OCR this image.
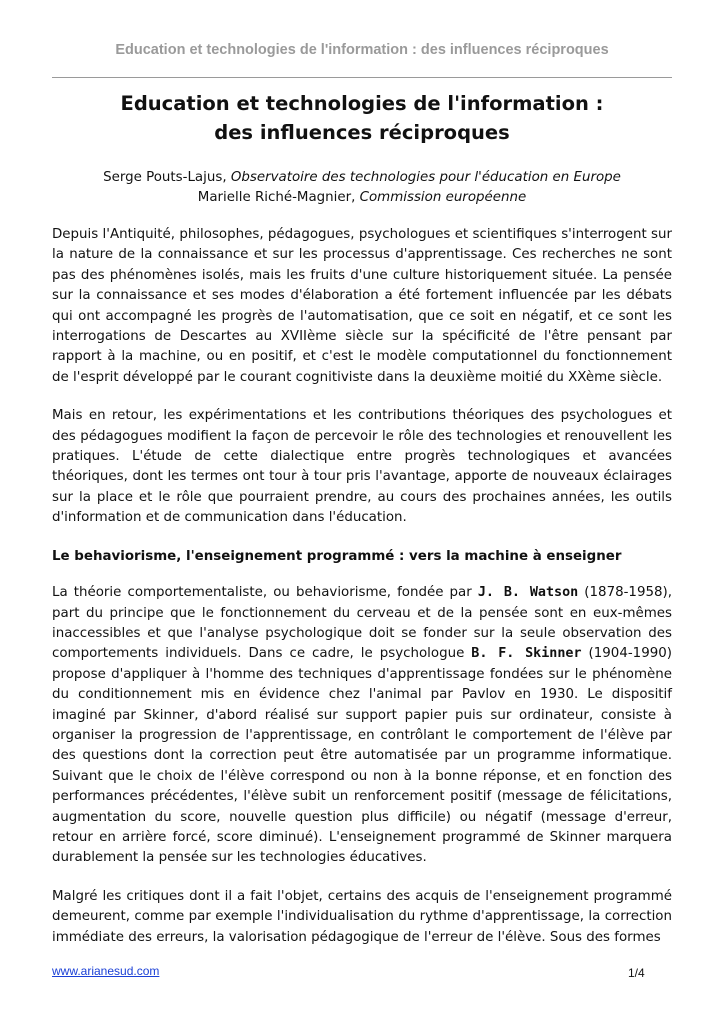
Education et technologies de l'information : des influences réciproques
Education et technologies de l'information :
des influences réciproques
Serge Pouts-Lajus, Observatoire des technologies pour l'éducation en Europe
Marielle Riché-Magnier, Commission européenne

Depuis l'Antiquité, philosophes, pédagogues, psychologues et scientifiques s'interrogent sur la nature de la connaissance et sur les processus d'apprentissage. Ces recherches ne sont pas des phénomènes isolés, mais les fruits d'une culture historiquement située. La pensée sur la connaissance et ses modes d'élaboration a été fortement influencée par les débats qui ont accompagné les progrès de l'automatisation, que ce soit en négatif, et ce sont les interrogations de Descartes au XVIIème siècle sur la spécificité de l'être pensant par rapport à la machine, ou en positif, et c'est le modèle computationnel du fonctionnement de l'esprit développé par le courant cognitiviste dans la deuxième moitié du XXème siècle.

Mais en retour, les expérimentations et les contributions théoriques des psychologues et des pédagogues modifient la façon de percevoir le rôle des technologies et renouvellent les pratiques. L'étude de cette dialectique entre progrès technologiques et avancées théoriques, dont les termes ont tour à tour pris l'avantage, apporte de nouveaux éclairages sur la place et le rôle que pourraient prendre, au cours des prochaines années, les outils d'information et de communication dans l'éducation.

Le behaviorisme, l'enseignement programmé : vers la machine à enseigner

La théorie comportementaliste, ou behaviorisme, fondée par J. B. Watson (1878-1958), part du principe que le fonctionnement du cerveau et de la pensée sont en eux-mêmes inaccessibles et que l'analyse psychologique doit se fonder sur la seule observation des comportements individuels. Dans ce cadre, le psychologue B. F. Skinner (1904-1990) propose d'appliquer à l'homme des techniques d'apprentissage fondées sur le phénomène du conditionnement mis en évidence chez l'animal par Pavlov en 1930. Le dispositif imaginé par Skinner, d'abord réalisé sur support papier puis sur ordinateur, consiste à organiser la progression de l'apprentissage, en contrôlant le comportement de l'élève par des questions dont la correction peut être automatisée par un programme informatique. Suivant que le choix de l'élève correspond ou non à la bonne réponse, et en fonction des performances précédentes, l'élève subit un renforcement positif (message de félicitations, augmentation du score, nouvelle question plus difficile) ou négatif (message d'erreur, retour en arrière forcé, score diminué). L'enseignement programmé de Skinner marquera durablement la pensée sur les technologies éducatives.

Malgré les critiques dont il a fait l'objet, certains des acquis de l'enseignement programmé demeurent, comme par exemple l'individualisation du rythme d'apprentissage, la correction immédiate des erreurs, la valorisation pédagogique de l'erreur de l'élève. Sous des formes

www.arianesud.com	1/4
